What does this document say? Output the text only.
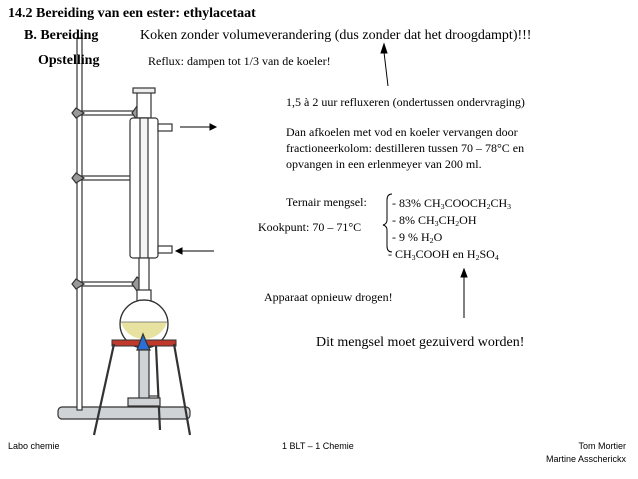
14.2 Bereiding van een ester: ethylacetaat
B. Bereiding	Koken zonder volumeverandering (dus zonder dat het droogdampt)!!!
Opstelling	Reflux: dampen tot 1/3 van de koeler!
1,5 à 2 uur refluxeren (ondertussen ondervraging)
Dan afkoelen met vod en koeler vervangen door
fractioneerkolom: destilleren tussen 70 – 78°C en
opvangen in een erlenmeyer van 200 ml.
Ternair mengsel:
Kookpunt: 70 – 71°C
- 83% $CH_3COOCH_2CH_3$
- 8% $CH_3CH_2OH$
- 9 % $H_2O$
- $CH_3COOH$ en $H_2SO_4$
Apparaat opnieuw drogen!
Dit mengsel moet gezuiverd worden!
Labo chemie	1 BLT – 1 Chemie	Tom Mortier
Martine Asscherickx
